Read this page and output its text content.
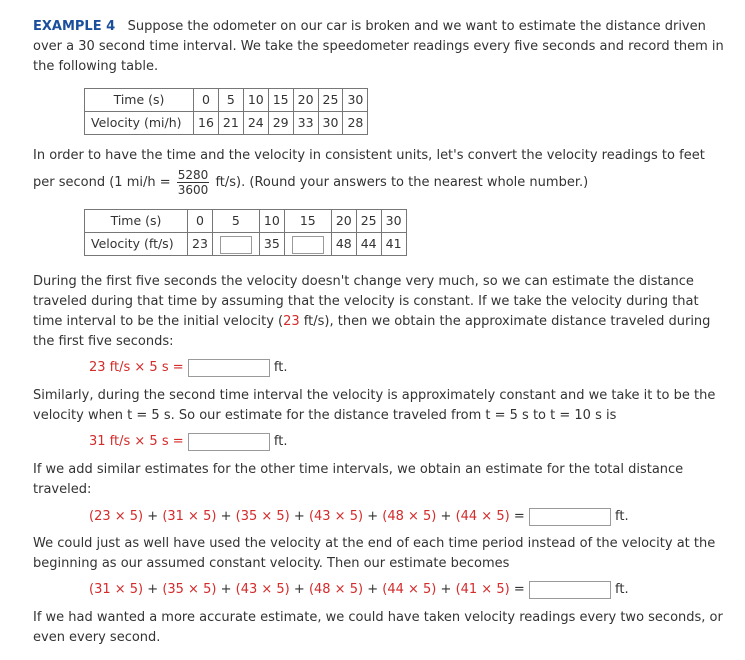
EXAMPLE 4 Suppose the odometer on our car is broken and we want to estimate the distance driven
over a 30 second time interval. We take the speedometer readings every five seconds and record them in
the following table.
Time (s)	0	5	10	15	20	25	30
Velocity (mi/h)	16	21	24	29	33	30	28
In order to have the time and the velocity in consistent units, let's convert the velocity readings to feet
per second (1 $mi/h = \frac{5280}{3600} ft/s$). (Round your answers to the nearest whole number.)
Time (s)	0	5	10	15	20	25	30
Velocity (ft/s)	23		35		48	44	41
During the first five seconds the velocity doesn't change very much, so we can estimate the distance
traveled during that time by assuming that the velocity is constant. If we take the velocity during that
time interval to be the initial velocity (23 ft/s), then we obtain the approximate distance traveled during
the first five seconds:
23 ft/s × 5 s =	ft.
Similarly, during the second time interval the velocity is approximately constant and we take it to be the
velocity when t = 5 s. So our estimate for the distance traveled from t = 5 s to t = 10 s is
31 ft/s × 5 s =	ft.
If we add similar estimates for the other time intervals, we obtain an estimate for the total distance
traveled:
(23 × 5) + (31 × 5) + (35 × 5) + (43 × 5) + (48 × 5) + (44 × 5) =	ft.
We could just as well have used the velocity at the end of each time period instead of the velocity at the
beginning as our assumed constant velocity. Then our estimate becomes
(31 × 5) + (35 × 5) + (43 × 5) + (48 × 5) + (44 × 5) + (41 × 5) =	ft.
If we had wanted a more accurate estimate, we could have taken velocity readings every two seconds, or
even every second.
